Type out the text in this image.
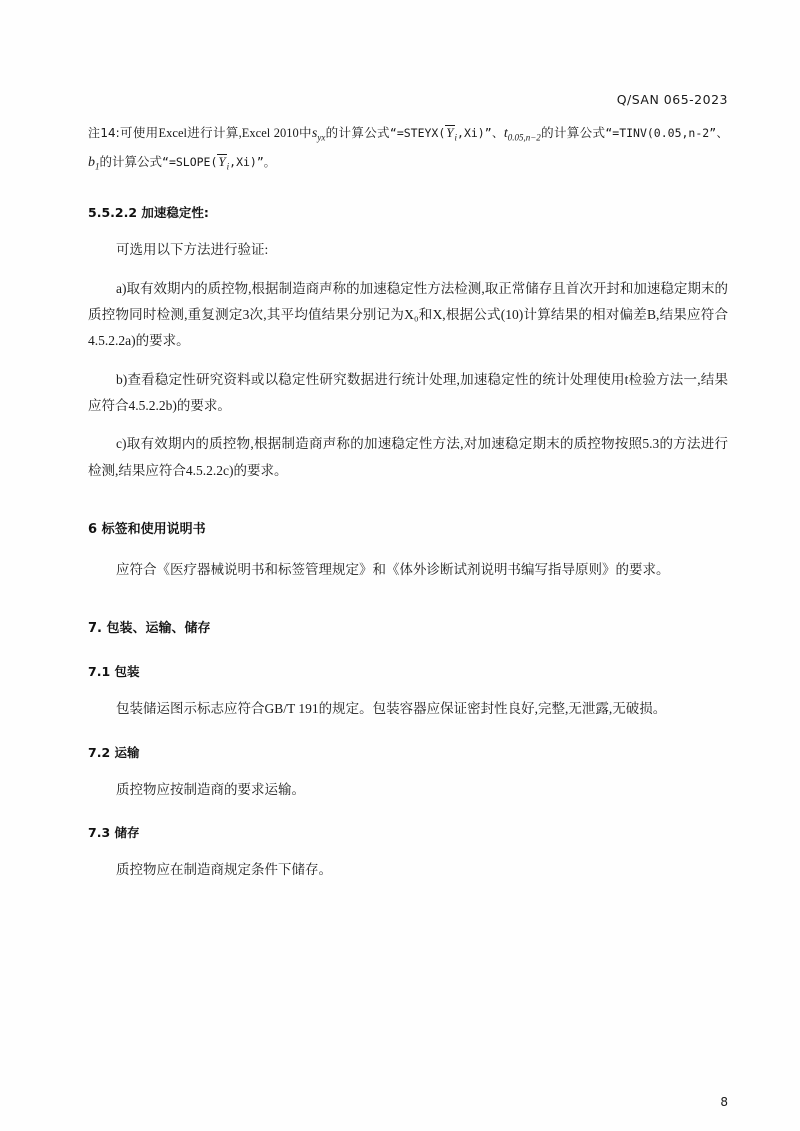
Q/SAN 065-2023

注14:可使用Excel进行计算,Excel 2010中$s_{yx}$的计算公式“$=STEYX(Y_i,Xi)$”、$t_{0.05,n-2}$的计算公式“=TINV(0.05,n-2”、$b_1$的计算公式“$=SLOPE(Y_i,Xi)$”。

5.5.2.2 加速稳定性:

可选用以下方法进行验证:

a)取有效期内的质控物,根据制造商声称的加速稳定性方法检测,取正常储存且首次开封和加速稳定期末的质控物同时检测,重复测定3次,其平均值结果分别记为X₀和X,根据公式(10)计算结果的相对偏差B,结果应符合4.5.2.2a)的要求。

b)查看稳定性研究资料或以稳定性研究数据进行统计处理,加速稳定性的统计处理使用t检验方法一,结果应符合4.5.2.2b)的要求。

c)取有效期内的质控物,根据制造商声称的加速稳定性方法,对加速稳定期末的质控物按照5.3的方法进行检测,结果应符合4.5.2.2c)的要求。

6 标签和使用说明书

应符合《医疗器械说明书和标签管理规定》和《体外诊断试剂说明书编写指导原则》的要求。

7. 包装、运输、储存

7.1 包装

包装储运图示标志应符合GB/T 191的规定。包装容器应保证密封性良好,完整,无泄露,无破损。

7.2 运输

质控物应按制造商的要求运输。

7.3 储存

质控物应在制造商规定条件下储存。

8
